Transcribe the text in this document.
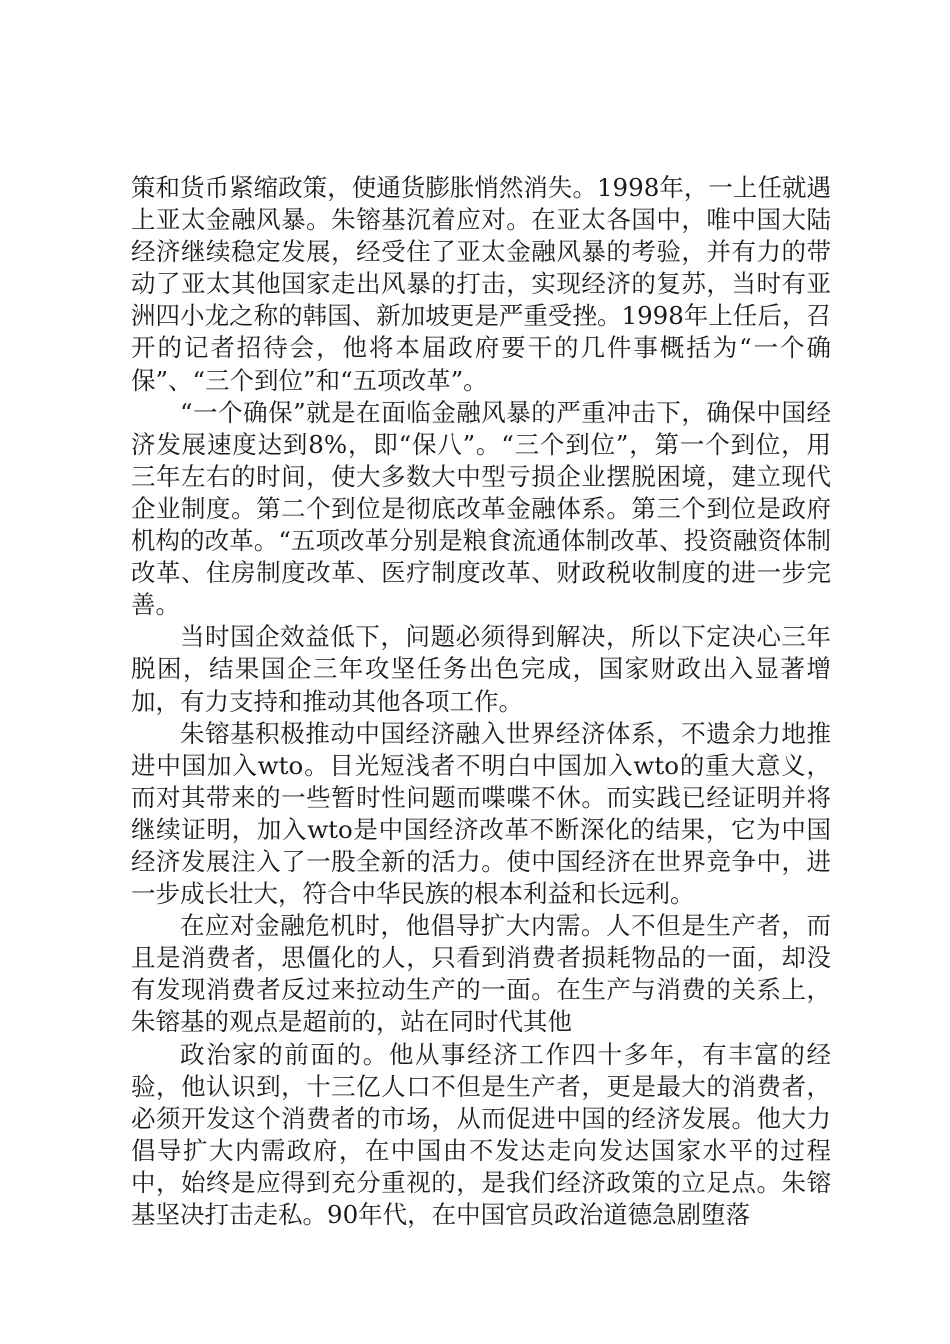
策和货币紧缩政策，使通货膨胀悄然消失。1998年，一上任就遇上亚太金融风暴。朱镕基沉着应对。在亚太各国中，唯中国大陆经济继续稳定发展，经受住了亚太金融风暴的考验，并有力的带动了亚太其他国家走出风暴的打击，实现经济的复苏，当时有亚洲四小龙之称的韩国、新加坡更是严重受挫。1998年上任后，召开的记者招待会，他将本届政府要干的几件事概括为“一个确保”、“三个到位”和“五项改革”。

“一个确保”就是在面临金融风暴的严重冲击下，确保中国经济发展速度达到8%，即“保八”。“三个到位”，第一个到位，用三年左右的时间，使大多数大中型亏损企业摆脱困境，建立现代企业制度。第二个到位是彻底改革金融体系。第三个到位是政府机构的改革。“五项改革分别是粮食流通体制改革、投资融资体制改革、住房制度改革、医疗制度改革、财政税收制度的进一步完善。

当时国企效益低下，问题必须得到解决，所以下定决心三年脱困，结果国企三年攻坚任务出色完成，国家财政出入显著增加，有力支持和推动其他各项工作。

朱镕基积极推动中国经济融入世界经济体系，不遗余力地推进中国加入wto。目光短浅者不明白中国加入wto的重大意义，而对其带来的一些暂时性问题而喋喋不休。而实践已经证明并将继续证明，加入wto是中国经济改革不断深化的结果，它为中国经济发展注入了一股全新的活力。使中国经济在世界竞争中，进一步成长壮大，符合中华民族的根本利益和长远利。

在应对金融危机时，他倡导扩大内需。人不但是生产者，而且是消费者，思僵化的人，只看到消费者损耗物品的一面，却没有发现消费者反过来拉动生产的一面。在生产与消费的关系上，朱镕基的观点是超前的，站在同时代其他

政治家的前面的。他从事经济工作四十多年，有丰富的经验，他认识到，十三亿人口不但是生产者，更是最大的消费者，必须开发这个消费者的市场，从而促进中国的经济发展。他大力倡导扩大内需政府，在中国由不发达走向发达国家水平的过程中，始终是应得到充分重视的，是我们经济政策的立足点。朱镕基坚决打击走私。90年代，在中国官员政治道德急剧堕落
